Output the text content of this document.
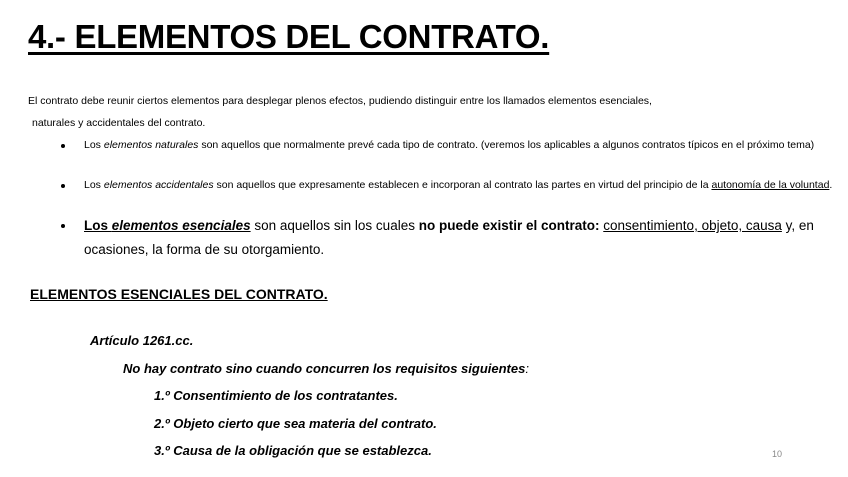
4.- ELEMENTOS DEL CONTRATO.
El contrato debe reunir ciertos elementos para desplegar plenos efectos, pudiendo distinguir entre los llamados elementos esenciales,
naturales y accidentales del contrato.
Los elementos naturales son aquellos que normalmente prevé cada tipo de contrato. (veremos los aplicables a algunos contratos típicos en el próximo tema)
Los elementos accidentales son aquellos que expresamente establecen e incorporan al contrato las partes en virtud del principio de la autonomía de la voluntad.
Los elementos esenciales son aquellos sin los cuales no puede existir el contrato: consentimiento, objeto, causa y, en ocasiones, la forma de su otorgamiento.
ELEMENTOS ESENCIALES DEL CONTRATO.
Artículo 1261.cc.
No hay contrato sino cuando concurren los requisitos siguientes:
1.º Consentimiento de los contratantes.
2.º Objeto cierto que sea materia del contrato.
3.º Causa de la obligación que se establezca.	10
